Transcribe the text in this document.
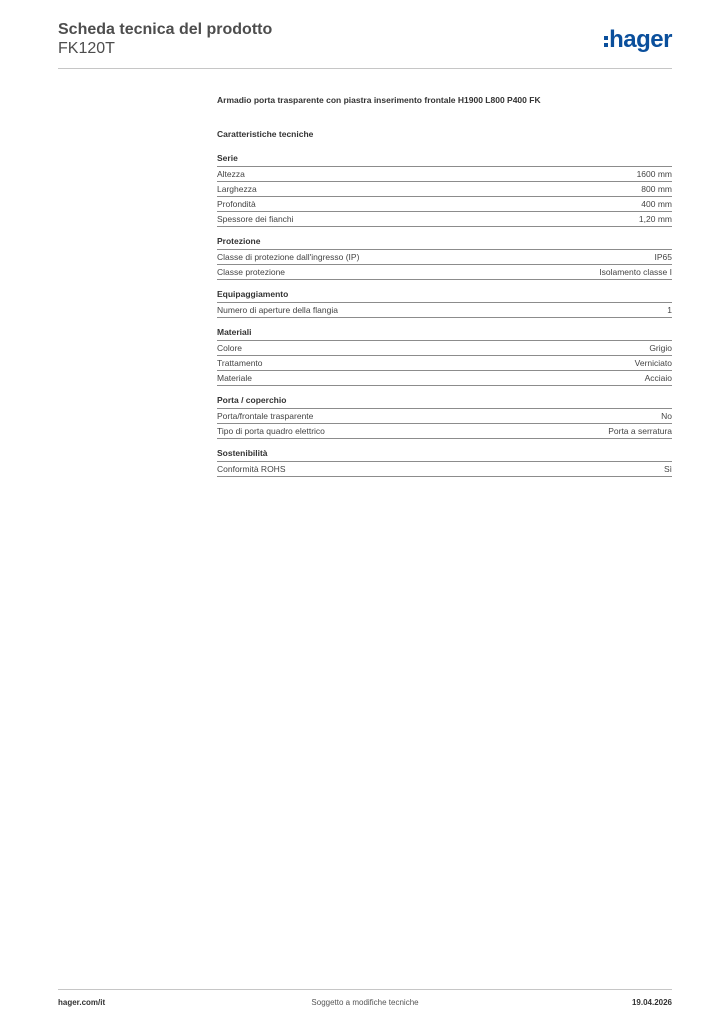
Scheda tecnica del prodotto
FK120T	hager
Armadio porta trasparente con piastra inserimento frontale H1900 L800 P400 FK
Caratteristiche tecniche
Serie
Altezza	1600 mm
Larghezza	800 mm
Profondità	400 mm
Spessore dei fianchi	1,20 mm
Protezione
Classe di protezione dall'ingresso (IP)	IP65
Classe protezione	Isolamento classe I
Equipaggiamento
Numero di aperture della flangia	1
Materiali
Colore	Grigio
Trattamento	Verniciato
Materiale	Acciaio
Porta / coperchio
Porta/frontale trasparente	No
Tipo di porta quadro elettrico	Porta a serratura
Sostenibilità
Conformità ROHS	Sì
hager.com/it	Soggetto a modifiche tecniche	19.04.2026
